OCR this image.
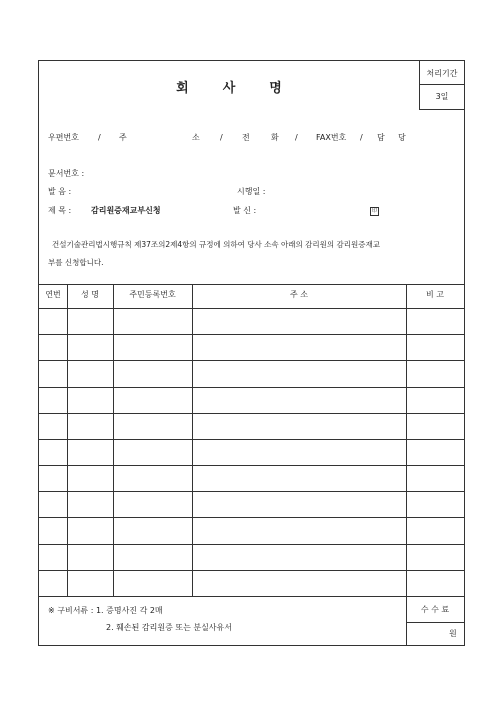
회	사	명
처리기간
3일
우편번호 / 주	소	/ 전	화 / FAX번호 / 담 당
문서번호 :
발 음 :	시행일 :
제 목 : 감리원증재교부신청	발 신 :	印
건설기술관리법시행규칙 제37조의2제4항의 규정에 의하여 당사 소속 아래의 감리원의 감리원증재교
부를 신청합니다.
연번	성 명	주민등록번호	주 소	비 고
※ 구비서류 : 1. 증명사진 각 2매
2. 훼손된 감리원증 또는 분실사유서
수 수 료
원
